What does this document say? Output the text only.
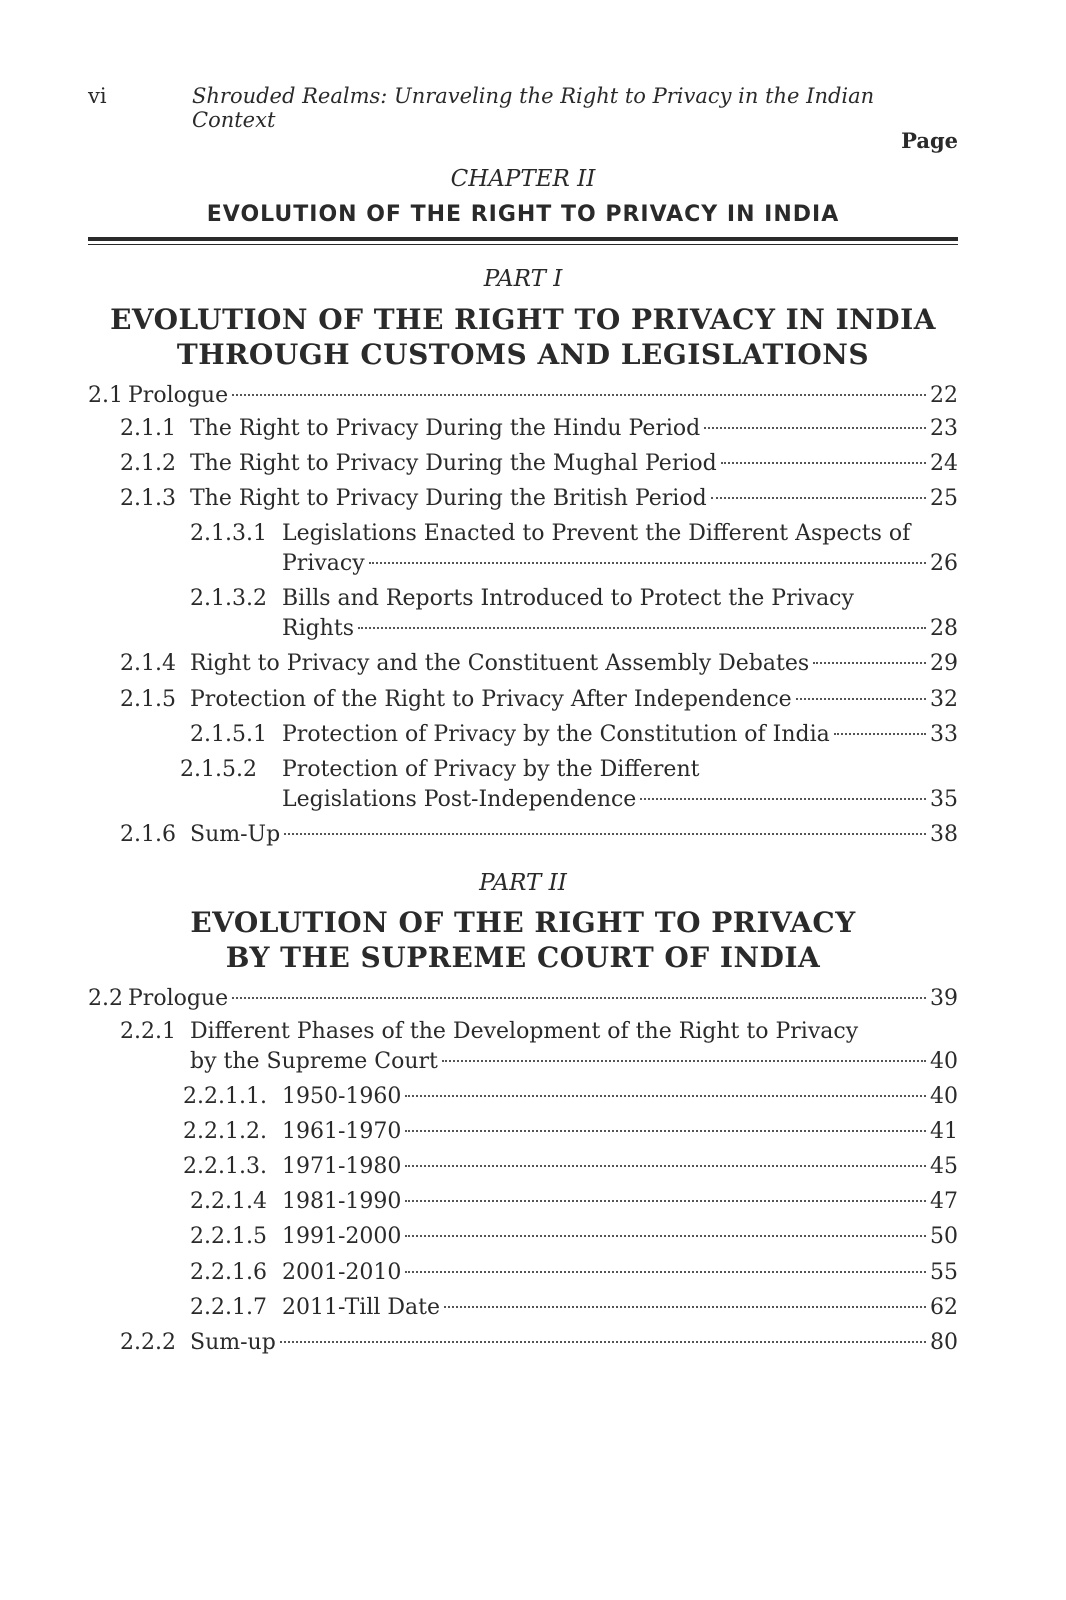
vi	Shrouded Realms: Unraveling the Right to Privacy in the Indian Context
Page
CHAPTER II
EVOLUTION OF THE RIGHT TO PRIVACY IN INDIA
PART I
EVOLUTION OF THE RIGHT TO PRIVACY IN INDIA
THROUGH CUSTOMS AND LEGISLATIONS
2.1 Prologue	22
2.1.1 The Right to Privacy During the Hindu Period	23
2.1.2 The Right to Privacy During the Mughal Period	24
2.1.3 The Right to Privacy During the British Period	25
2.1.3.1 Legislations Enacted to Prevent the Different Aspects of
Privacy	26
2.1.3.2 Bills and Reports Introduced to Protect the Privacy
Rights	28
2.1.4 Right to Privacy and the Constituent Assembly Debates	29
2.1.5 Protection of the Right to Privacy After Independence	32
2.1.5.1 Protection of Privacy by the Constitution of India	33
2.1.5.2 Protection of Privacy by the Different
Legislations Post-Independence	35
2.1.6 Sum-Up	38
PART II
EVOLUTION OF THE RIGHT TO PRIVACY
BY THE SUPREME COURT OF INDIA
2.2 Prologue	39
2.2.1 Different Phases of the Development of the Right to Privacy
by the Supreme Court	40
2.2.1.1. 1950-1960	40
2.2.1.2. 1961-1970	41
2.2.1.3. 1971-1980	45
2.2.1.4 1981-1990	47
2.2.1.5 1991-2000	50
2.2.1.6 2001-2010	55
2.2.1.7 2011-Till Date	62
2.2.2 Sum-up	80
